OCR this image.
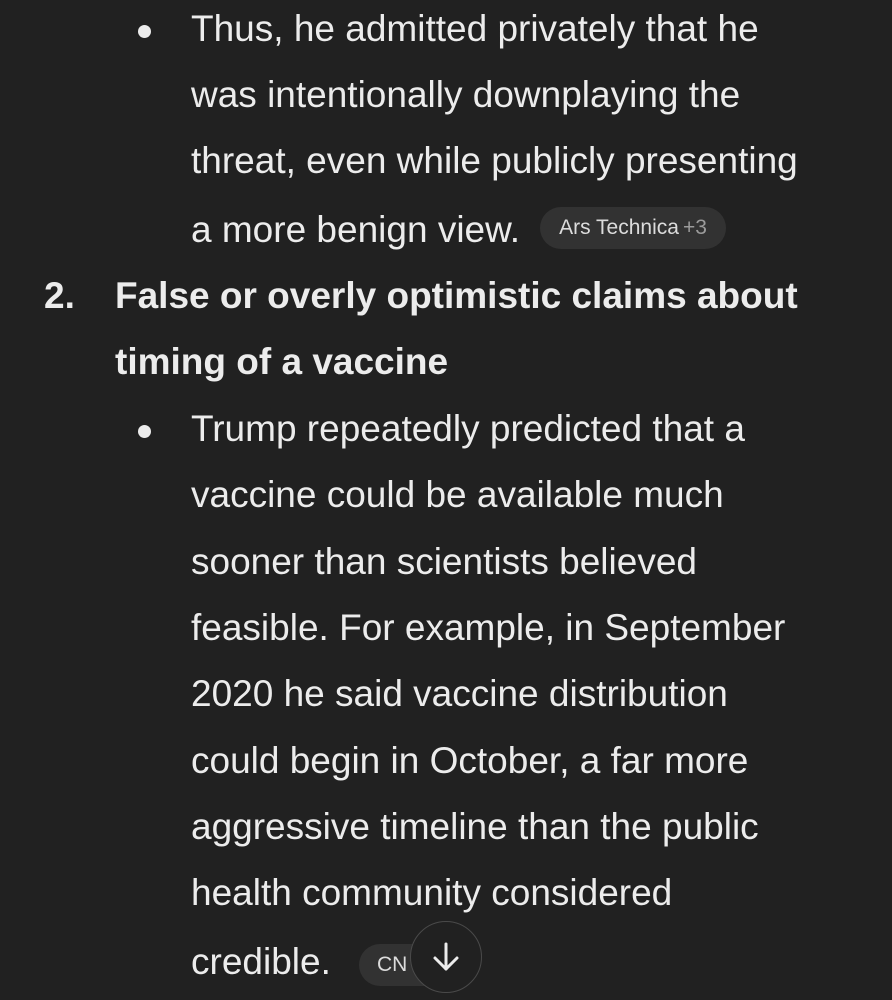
Thus, he admitted privately that he
was intentionally downplaying the
threat, even while publicly presenting
a more benign view. Ars Technica +3
2. False or overly optimistic claims about
timing of a vaccine
Trump repeatedly predicted that a
vaccine could be available much
sooner than scientists believed
feasible. For example, in September
2020 he said vaccine distribution
could begin in October, a far more
aggressive timeline than the public
health community considered
credible.	CN
